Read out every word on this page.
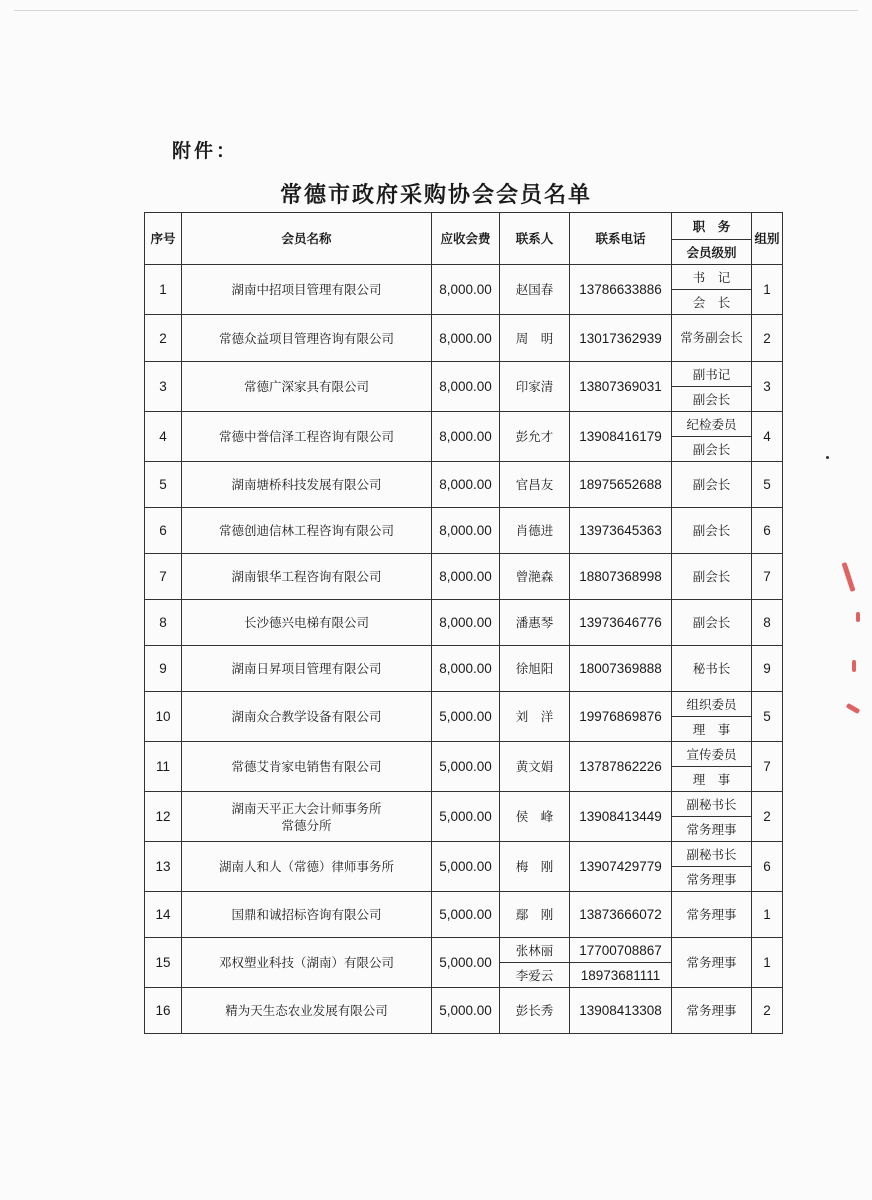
附件：
常德市政府采购协会会员名单
序号	会员名称	应收会费	联系人	联系电话	职　务	组别
					会员级别	
1	湖南中招项目管理有限公司	8,000.00	赵国春	13786633886	书　记	1
					会　长	
2	常德众益项目管理咨询有限公司	8,000.00	周　明	13017362939	常务副会长	2
3	常德广深家具有限公司	8,000.00	印家清	13807369031	副书记	3
					副会长	
4	常德中誉信泽工程咨询有限公司	8,000.00	彭允才	13908416179	纪检委员	4
					副会长	
5	湖南塘桥科技发展有限公司	8,000.00	官昌友	18975652688	副会长	5
6	常德创迪信林工程咨询有限公司	8,000.00	肖德进	13973645363	副会长	6
7	湖南银华工程咨询有限公司	8,000.00	曾滟森	18807368998	副会长	7
8	长沙德兴电梯有限公司	8,000.00	潘惠琴	13973646776	副会长	8
9	湖南日昇项目管理有限公司	8,000.00	徐旭阳	18007369888	秘书长	9
10	湖南众合教学设备有限公司	5,000.00	刘　洋	19976869876	组织委员	5
					理　事	
11	常德艾肯家电销售有限公司	5,000.00	黄文娟	13787862226	宣传委员	7
					理　事	
12	湖南天平正大会计师事务所
常德分所	5,000.00	侯　峰	13908413449	副秘书长	2
					常务理事	
13	湖南人和人（常德）律师事务所	5,000.00	梅　刚	13907429779	副秘书长	6
					常务理事	
14	国鼎和诚招标咨询有限公司	5,000.00	鄢　刚	13873666072	常务理事	1
15	邓权塑业科技（湖南）有限公司	5,000.00	张林丽	17700708867	常务理事	1
			李爱云	18973681111		
16	精为天生态农业发展有限公司	5,000.00	彭长秀	13908413308	常务理事	2
